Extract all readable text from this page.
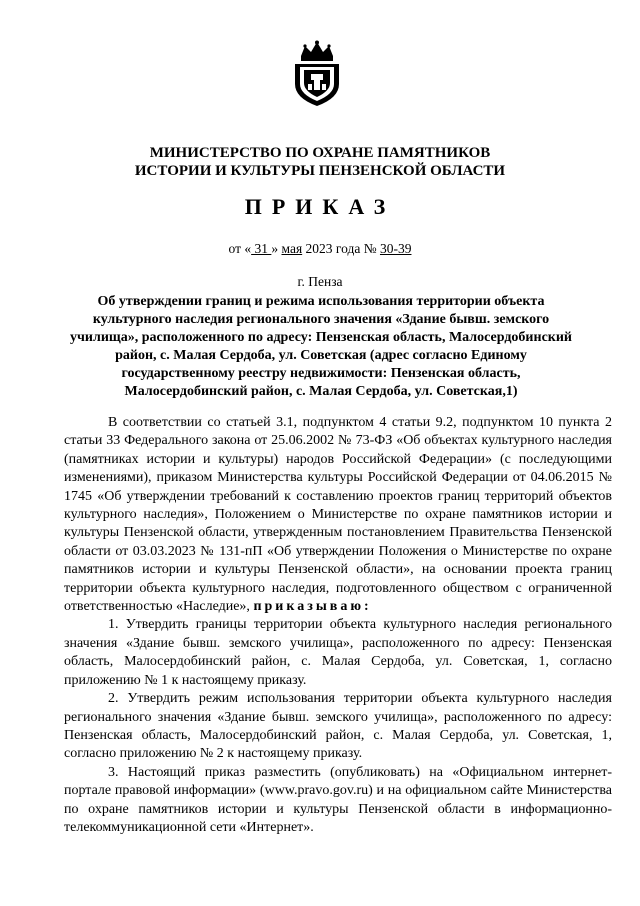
МИНИСТЕРСТВО ПО ОХРАНЕ ПАМЯТНИКОВ
ИСТОРИИ И КУЛЬТУРЫ ПЕНЗЕНСКОЙ ОБЛАСТИ
ПРИКАЗ
от « 31 » мая 2023 года № 30-39
г. Пенза
Об утверждении границ и режима использования территории объекта культурного наследия регионального значения «Здание бывш. земского училища», расположенного по адресу: Пензенская область, Малосердобинский район, с. Малая Сердоба, ул. Советская (адрес согласно Единому государственному реестру недвижимости: Пензенская область, Малосердобинский район, с. Малая Сердоба, ул. Советская,1)

В соответствии со статьей 3.1, подпунктом 4 статьи 9.2, подпунктом 10 пункта 2 статьи 33 Федерального закона от 25.06.2002 № 73-ФЗ «Об объектах культурного наследия (памятниках истории и культуры) народов Российской Федерации» (с последующими изменениями), приказом Министерства культуры Российской Федерации от 04.06.2015 № 1745 «Об утверждении требований к составлению проектов границ территорий объектов культурного наследия», Положением о Министерстве по охране памятников истории и культуры Пензенской области, утвержденным постановлением Правительства Пензенской области от 03.03.2023 № 131-пП «Об утверждении Положения о Министерстве по охране памятников истории и культуры Пензенской области», на основании проекта границ территории объекта культурного наследия, подготовленного обществом с ограниченной ответственностью «Наследие», приказываю:

1. Утвердить границы территории объекта культурного наследия регионального значения «Здание бывш. земского училища», расположенного по адресу: Пензенская область, Малосердобинский район, с. Малая Сердоба, ул. Советская, 1, согласно приложению № 1 к настоящему приказу.

2. Утвердить режим использования территории объекта культурного наследия регионального значения «Здание бывш. земского училища», расположенного по адресу: Пензенская область, Малосердобинский район, с. Малая Сердоба, ул. Советская, 1, согласно приложению № 2 к настоящему приказу.

3. Настоящий приказ разместить (опубликовать) на «Официальном интернет-портале правовой информации» (www.pravo.gov.ru) и на официальном сайте Министерства по охране памятников истории и культуры Пензенской области в информационно-телекоммуникационной сети «Интернет».
